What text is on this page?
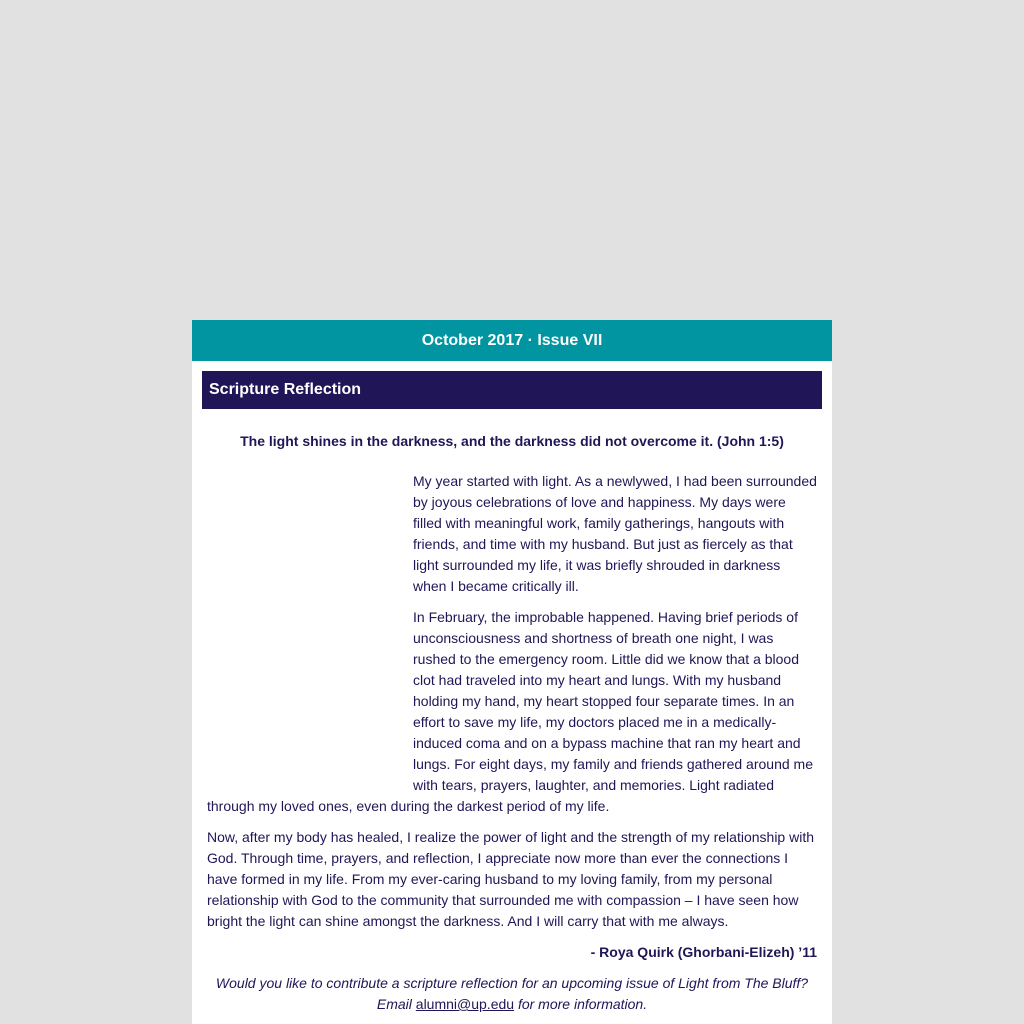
October 2017 · Issue VII
Scripture Reflection
The light shines in the darkness, and the darkness did not overcome it. (John 1:5)

My year started with light. As a newlywed, I had been surrounded by joyous celebrations of love and happiness. My days were filled with meaningful work, family gatherings, hangouts with friends, and time with my husband. But just as fiercely as that light surrounded my life, it was briefly shrouded in darkness when I became critically ill.

In February, the improbable happened. Having brief periods of unconsciousness and shortness of breath one night, I was rushed to the emergency room. Little did we know that a blood clot had traveled into my heart and lungs. With my husband holding my hand, my heart stopped four separate times. In an effort to save my life, my doctors placed me in a medically-induced coma and on a bypass machine that ran my heart and lungs. For eight days, my family and friends gathered around me with tears, prayers, laughter, and memories. Light radiated through my loved ones, even during the darkest period of my life.

Now, after my body has healed, I realize the power of light and the strength of my relationship with God. Through time, prayers, and reflection, I appreciate now more than ever the connections I have formed in my life. From my ever-caring husband to my loving family, from my personal relationship with God to the community that surrounded me with compassion – I have seen how bright the light can shine amongst the darkness. And I will carry that with me always.

- Roya Quirk (Ghorbani-Elizeh) ’11

Would you like to contribute a scripture reflection for an upcoming issue of Light from The Bluff? Email alumni@up.edu for more information.
